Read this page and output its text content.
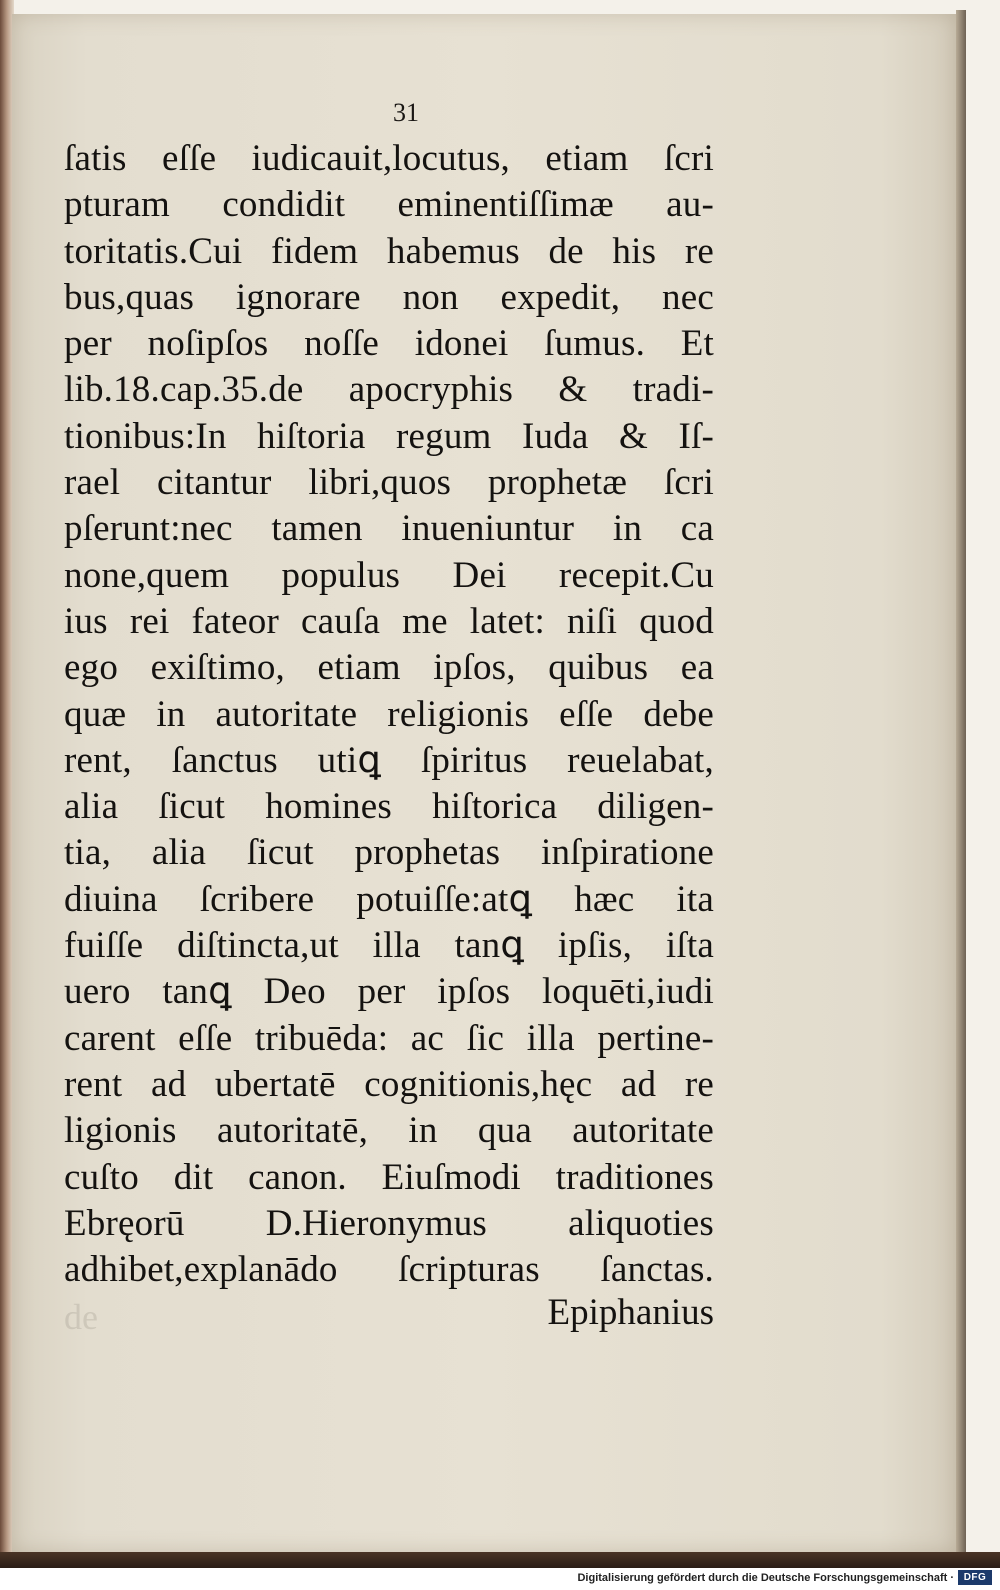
31
ſatis eſſe iudicauit,locutus, etiam ſcri
pturam condidit eminentiſſimæ au-
toritatis.Cui fidem habemus de his re
bus,quas ignorare non expedit, nec
per noſipſos noſſe idonei ſumus. Et
lib.18.cap.35.de apocryphis & tradi-
tionibus:In hiſtoria regum Iuda & Iſ-
rael citantur libri,quos prophetæ ſcri
pſerunt:nec tamen inueniuntur in ca
none,quem populus Dei recepit.Cu
ius rei fateor cauſa me latet: niſi quod
ego exiſtimo, etiam ipſos, quibus ea
quæ in autoritate religionis eſſe debe
rent, ſanctus utiꝗ ſpiritus reuelabat,
alia ſicut homines hiſtorica diligen-
tia, alia ſicut prophetas inſpiratione
diuina ſcribere potuiſſe:atꝗ hæc ita
fuiſſe diſtincta,ut illa tanꝗ ipſis, iſta
uero tanꝗ Deo per ipſos loquēti,iudi
carent eſſe tribuēda: ac ſic illa pertine-
rent ad ubertatē cognitionis,hęc ad re
ligionis autoritatē, in qua autoritate
cuſto dit canon. Eiuſmodi traditiones
Ebręorū D.Hieronymus aliquoties
adhibet,explanādo ſcripturas ſanctas.
de	Epiphanius
Digitalisierung gefördert durch die Deutsche Forschungsgemeinschaft · DFG
